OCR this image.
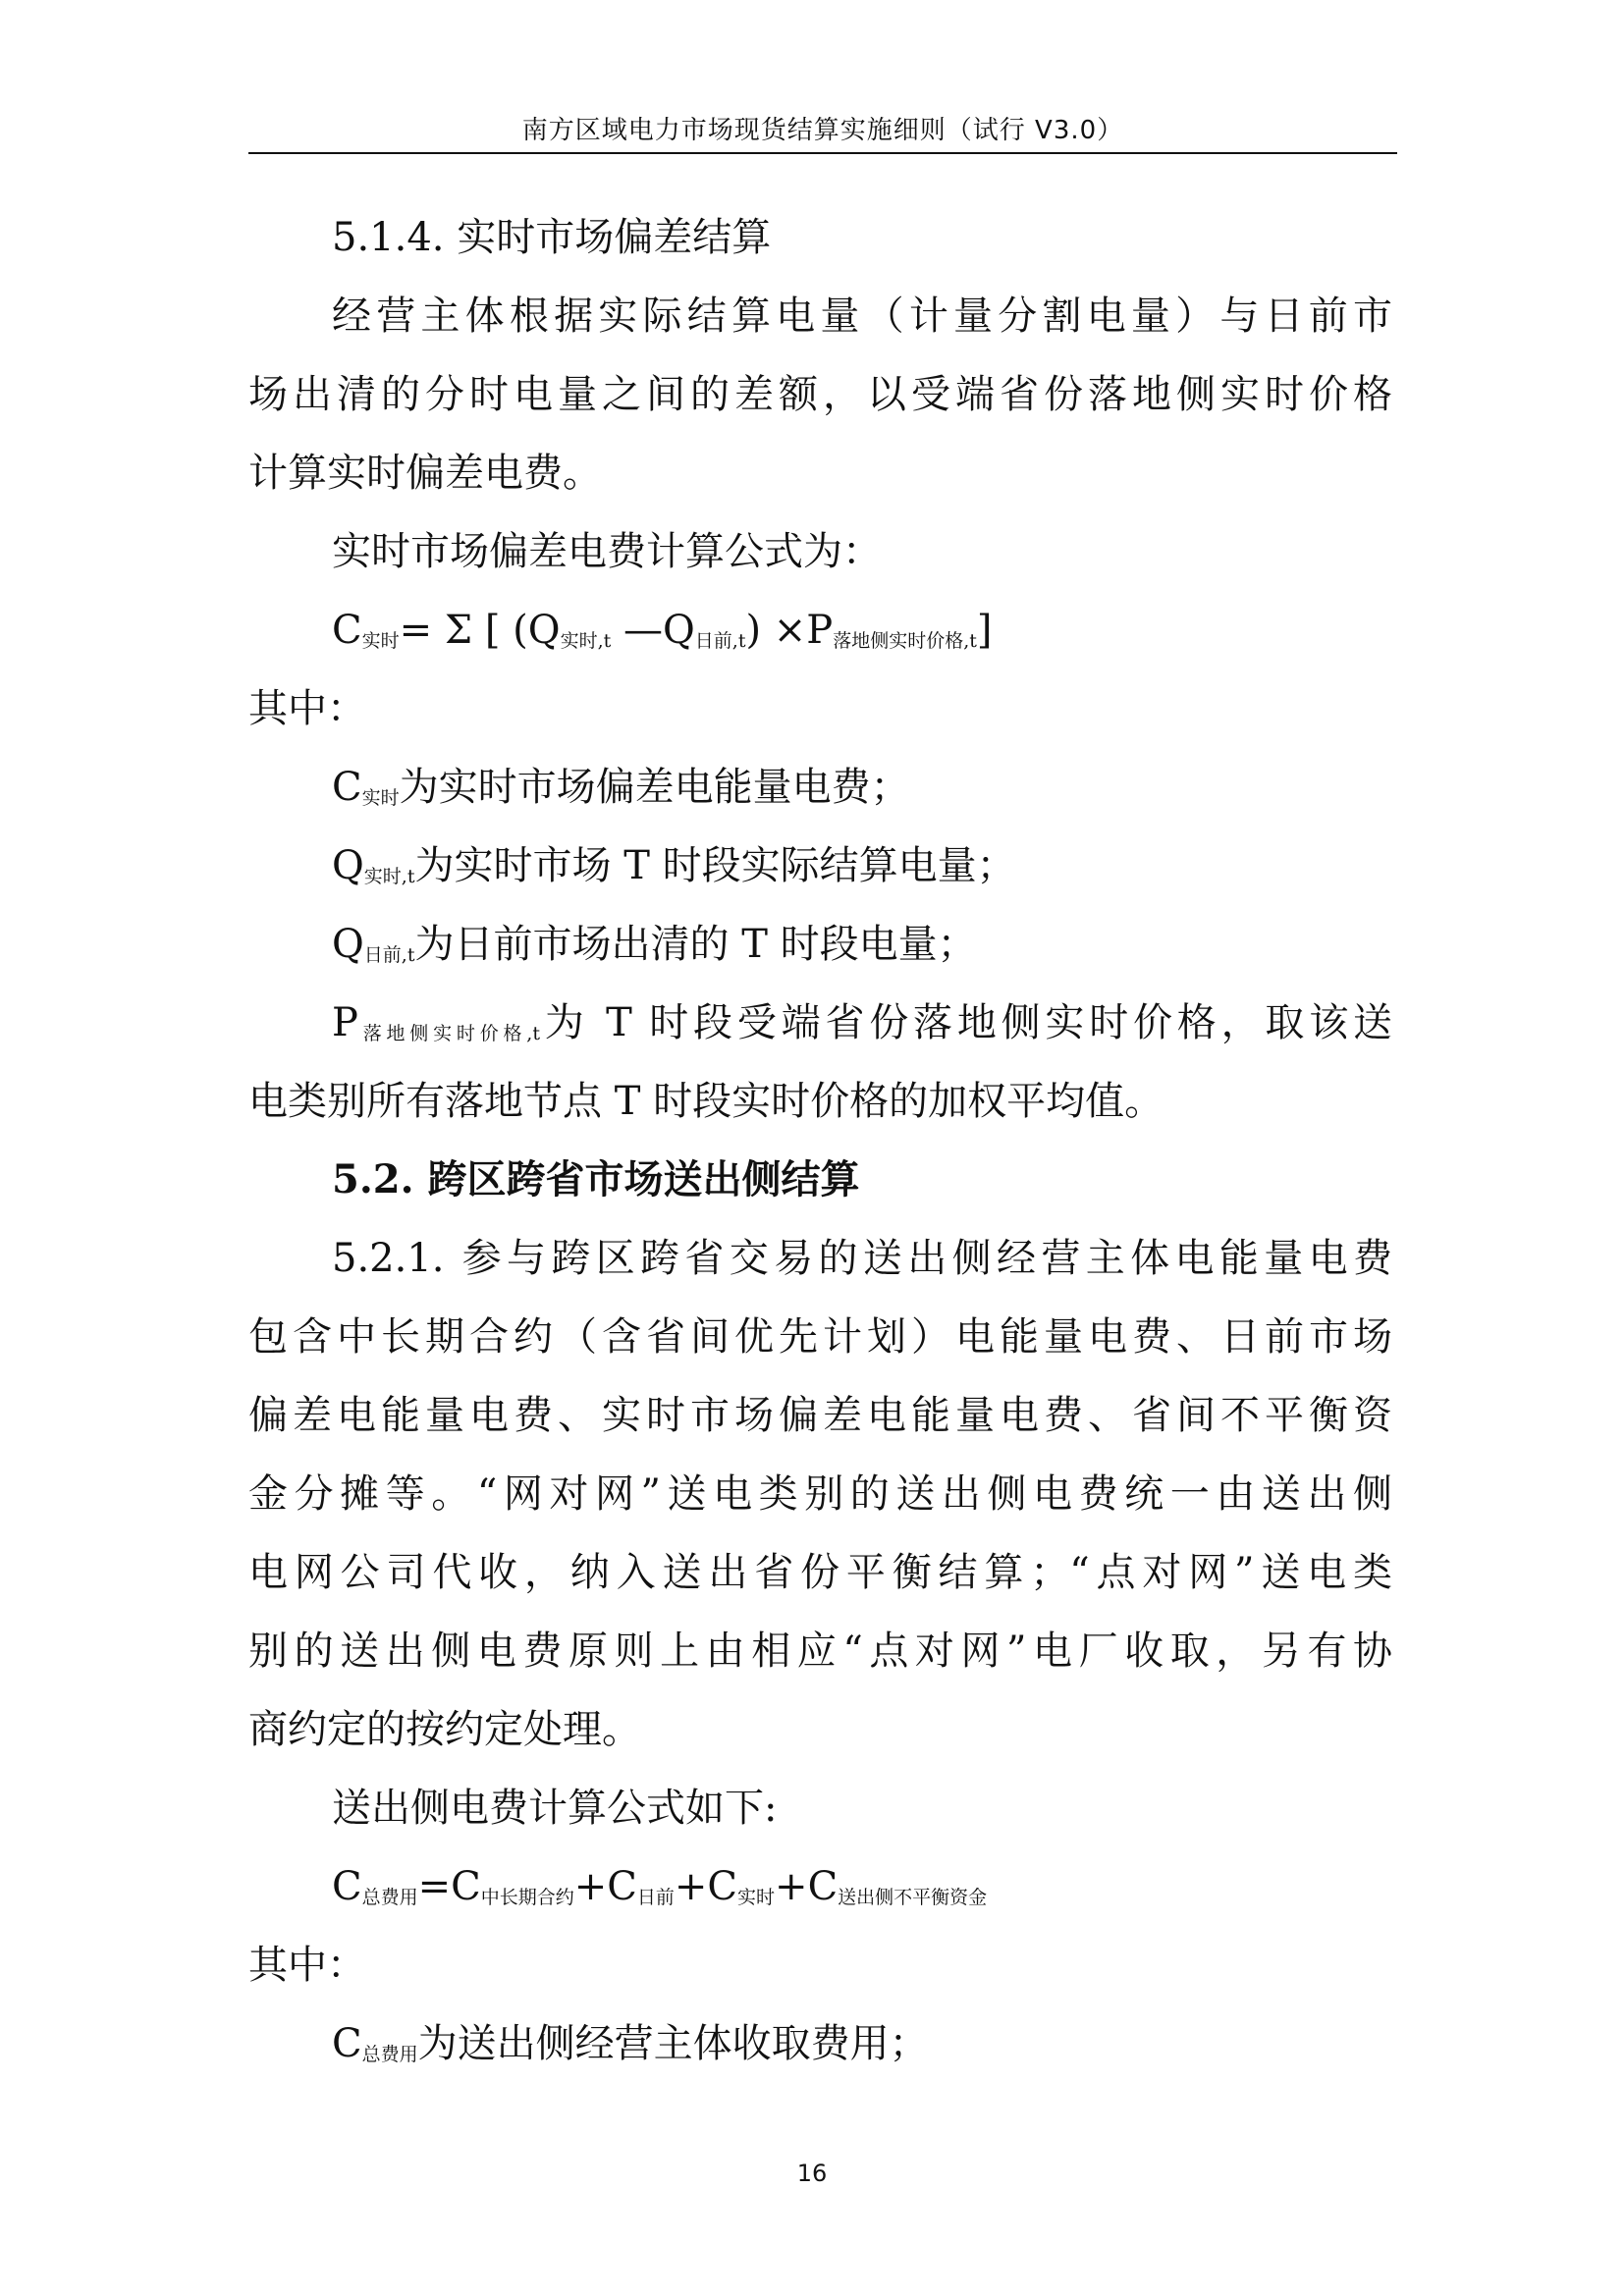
南方区域电力市场现货结算实施细则（试行 V3.0）
5.1.4. 实时市场偏差结算
经营主体根据实际结算电量（计量分割电量）与日前市
场出清的分时电量之间的差额，以受端省份落地侧实时价格
计算实时偏差电费。
实时市场偏差电费计算公式为：
C实时= Σ [ (Q实时,t —Q日前,t) ×P落地侧实时价格,t]
其中：
C实时为实时市场偏差电能量电费；
Q实时,t为实时市场 T 时段实际结算电量；
Q日前,t为日前市场出清的 T 时段电量；
P落地侧实时价格,t为 T 时段受端省份落地侧实时价格，取该送
电类别所有落地节点 T 时段实时价格的加权平均值。
5.2. 跨区跨省市场送出侧结算
5.2.1. 参与跨区跨省交易的送出侧经营主体电能量电费
包含中长期合约（含省间优先计划）电能量电费、日前市场
偏差电能量电费、实时市场偏差电能量电费、省间不平衡资
金分摊等。“网对网”送电类别的送出侧电费统一由送出侧
电网公司代收，纳入送出省份平衡结算；“点对网”送电类
别的送出侧电费原则上由相应“点对网”电厂收取，另有协
商约定的按约定处理。
送出侧电费计算公式如下:
C总费用=C中长期合约+C日前+C实时+C送出侧不平衡资金
其中：
C总费用为送出侧经营主体收取费用；
16
